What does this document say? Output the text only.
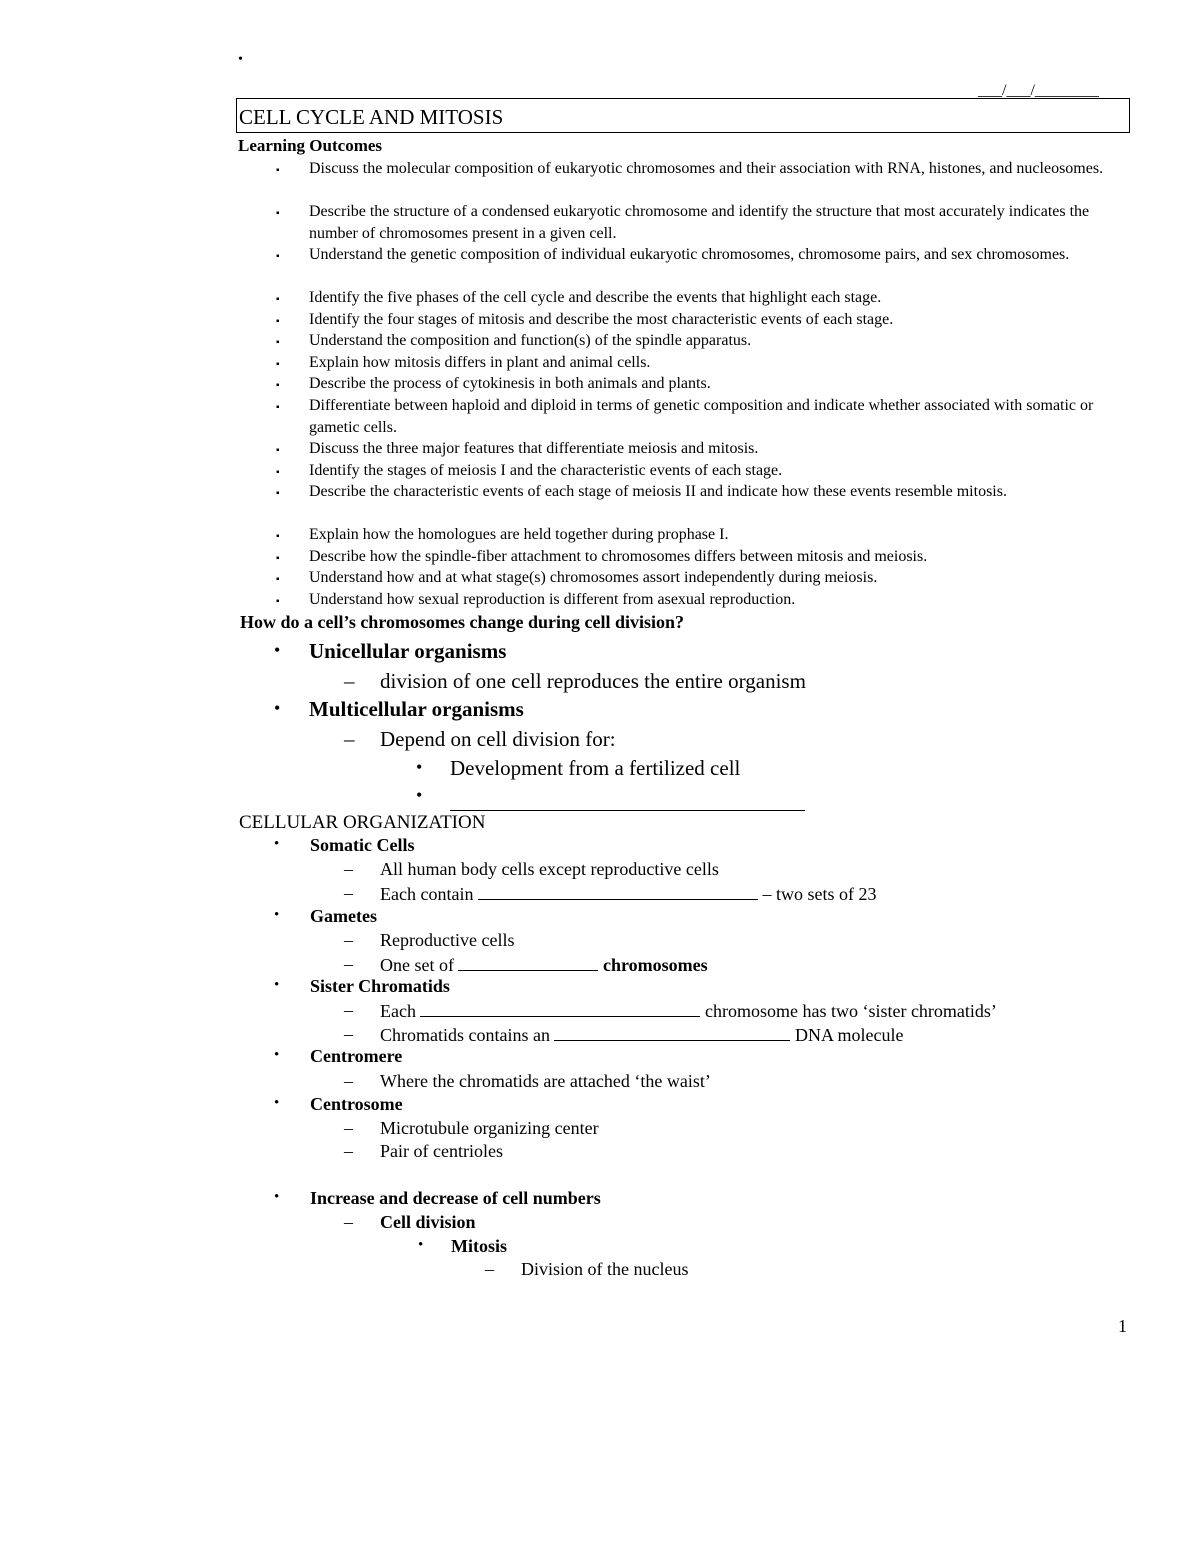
•
___/___/________
CELL CYCLE AND MITOSIS
Learning Outcomes
▪ Discuss the molecular composition of eukaryotic chromosomes and their association with RNA, histones, and nucleosomes.
▪ Describe the structure of a condensed eukaryotic chromosome and identify the structure that most accurately indicates the number of chromosomes present in a given cell.
▪ Understand the genetic composition of individual eukaryotic chromosomes, chromosome pairs, and sex chromosomes.
▪ Identify the five phases of the cell cycle and describe the events that highlight each stage.
▪ Identify the four stages of mitosis and describe the most characteristic events of each stage.
▪ Understand the composition and function(s) of the spindle apparatus.
▪ Explain how mitosis differs in plant and animal cells.
▪ Describe the process of cytokinesis in both animals and plants.
▪ Differentiate between haploid and diploid in terms of genetic composition and indicate whether associated with somatic or gametic cells.
▪ Discuss the three major features that differentiate meiosis and mitosis.
▪ Identify the stages of meiosis I and the characteristic events of each stage.
▪ Describe the characteristic events of each stage of meiosis II and indicate how these events resemble mitosis.
▪ Explain how the homologues are held together during prophase I.
▪ Describe how the spindle-fiber attachment to chromosomes differs between mitosis and meiosis.
▪ Understand how and at what stage(s) chromosomes assort independently during meiosis.
▪ Understand how sexual reproduction is different from asexual reproduction.
How do a cell’s chromosomes change during cell division?
• Unicellular organisms
– division of one cell reproduces the entire organism
• Multicellular organisms
– Depend on cell division for:
• Development from a fertilized cell
•
CELLULAR ORGANIZATION
• Somatic Cells
– All human body cells except reproductive cells
– Each contain	– two sets of 23
• Gametes
– Reproductive cells
– One set of	chromosomes
• Sister Chromatids
– Each	chromosome has two ‘sister chromatids’
– Chromatids contains an	DNA molecule
• Centromere
– Where the chromatids are attached ‘the waist’
• Centrosome
– Microtubule organizing center
– Pair of centrioles
• Increase and decrease of cell numbers
– Cell division
• Mitosis
– Division of the nucleus
1
